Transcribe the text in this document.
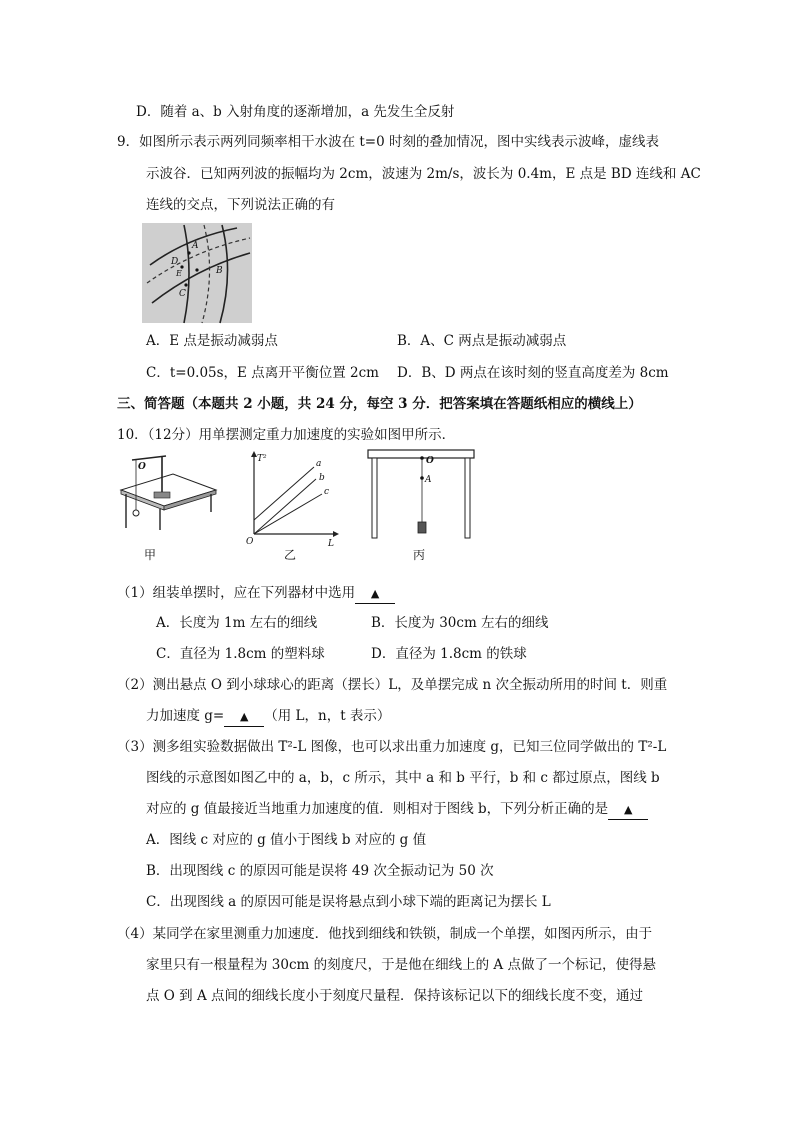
D．随着 a、b 入射角度的逐渐增加，a 先发生全反射
9．如图所示表示两列同频率相干水波在 t=0 时刻的叠加情况，图中实线表示波峰，虚线表
示波谷．已知两列波的振幅均为 2cm，波速为 2m/s，波长为 0.4m，E 点是 BD 连线和 AC
连线的交点，下列说法正确的有
A
D
E	B
C
A．E 点是振动减弱点	B．A、C 两点是振动减弱点
C．t=0.05s，E 点离开平衡位置 2cm D．B、D 两点在该时刻的竖直高度差为 8cm
三、简答题（本题共 2 小题，共 24 分，每空 3 分．把答案填在答题纸相应的横线上）
10．（12分）用单摆测定重力加速度的实验如图甲所示．
O
甲
T²
L
O
a
b
c
乙
O
A
丙
（1）组装单摆时，应在下列器材中选用 ▲
A．长度为 1m 左右的细线	B．长度为 30cm 左右的细线
C．直径为 1.8cm 的塑料球	D．直径为 1.8cm 的铁球
（2）测出悬点 O 到小球球心的距离（摆长）L，及单摆完成 n 次全振动所用的时间 t．则重
力加速度 g= ▲ （用 L，n，t 表示）
（3）测多组实验数据做出 T²-L 图像，也可以求出重力加速度 g，已知三位同学做出的 T²-L
图线的示意图如图乙中的 a，b，c 所示，其中 a 和 b 平行，b 和 c 都过原点，图线 b
对应的 g 值最接近当地重力加速度的值．则相对于图线 b，下列分析正确的是 ▲
A．图线 c 对应的 g 值小于图线 b 对应的 g 值
B．出现图线 c 的原因可能是误将 49 次全振动记为 50 次
C．出现图线 a 的原因可能是误将悬点到小球下端的距离记为摆长 L
（4）某同学在家里测重力加速度．他找到细线和铁锁，制成一个单摆，如图丙所示，由于
家里只有一根量程为 30cm 的刻度尺，于是他在细线上的 A 点做了一个标记，使得悬
点 O 到 A 点间的细线长度小于刻度尺量程．保持该标记以下的细线长度不变，通过
